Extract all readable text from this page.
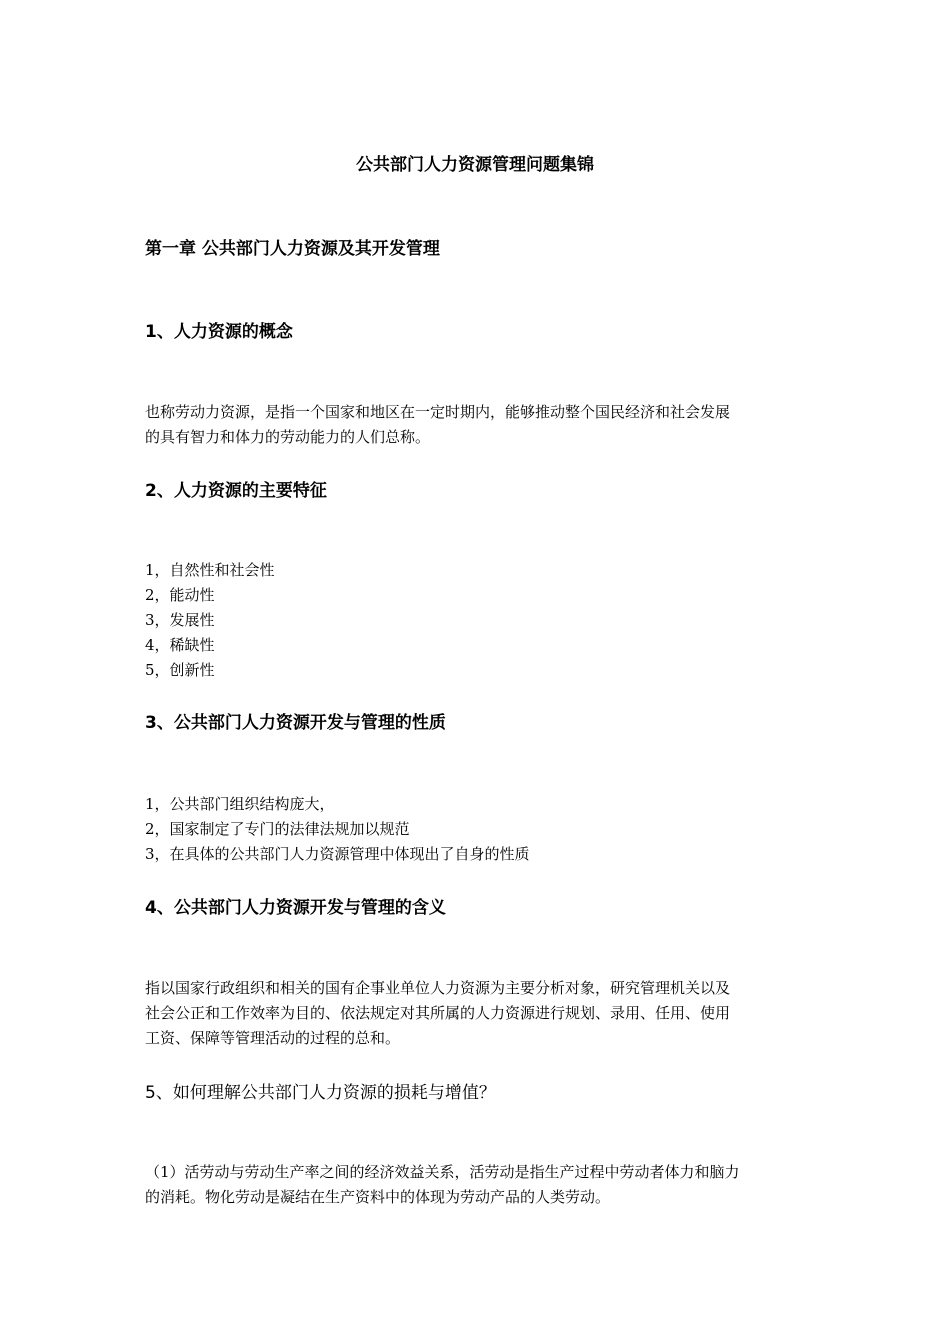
公共部门人力资源管理问题集锦
第一章 公共部门人力资源及其开发管理
1、人力资源的概念
也称劳动力资源，是指一个国家和地区在一定时期内，能够推动整个国民经济和社会发展
的具有智力和体力的劳动能力的人们总称。
2、人力资源的主要特征
1，自然性和社会性
2，能动性
3，发展性
4，稀缺性
5，创新性
3、公共部门人力资源开发与管理的性质
1，公共部门组织结构庞大，
2，国家制定了专门的法律法规加以规范
3，在具体的公共部门人力资源管理中体现出了自身的性质
4、公共部门人力资源开发与管理的含义
指以国家行政组织和相关的国有企事业单位人力资源为主要分析对象，研究管理机关以及
社会公正和工作效率为目的、依法规定对其所属的人力资源进行规划、录用、任用、使用
工资、保障等管理活动的过程的总和。
5、如何理解公共部门人力资源的损耗与增值？
（1）活劳动与劳动生产率之间的经济效益关系，活劳动是指生产过程中劳动者体力和脑力
的消耗。物化劳动是凝结在生产资料中的体现为劳动产品的人类劳动。
